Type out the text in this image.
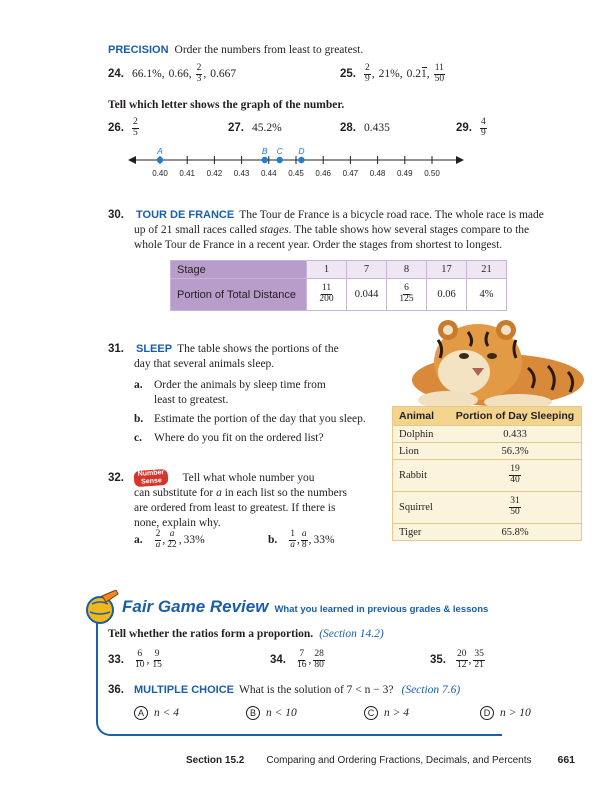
PRECISION Order the numbers from least to greatest.
24. 66.1%, 0.66, $\frac{2}{3}$ , 0.667	25. $\frac{2}{9}$ , 21%, 0.21, $\frac{11}{50}$
Tell which letter shows the graph of the number.
26. $\frac{2}{5}$	27. 45.2%	28. 0.435	29. $\frac{4}{9}$
0.40 0.41 0.42 0.43 0.44 0.45 0.46 0.47 0.48 0.49 0.50
A	B C D
30. TOUR DE FRANCE The Tour de France is a bicycle road race. The whole race is made
up of 21 small races called stages. The table shows how several stages compare to the
whole Tour de France in a recent year. Order the stages from shortest to longest.
Stage	1	7	8	17	21
Portion of Total Distance	$\frac{11}{200}$	0.044	$\frac{6}{125}$	0.06	4%
31. SLEEP The table shows the portions of the
day that several animals sleep.
a. Order the animals by sleep time from
least to greatest.
b. Estimate the portion of the day that you sleep.
c.	Where do you fit on the ordered list?
Animal	Portion of Day Sleeping
Dolphin	0.433
Lion	56.3%
Rabbit	$\frac{19}{40}$
Squirrel	$\frac{31}{50}$
Tiger	65.8%
32. Number
Sense Tell what whole number you
can substitute for a in each list so the numbers
are ordered from least to greatest. If there is
none, explain why.
a. $\frac{2}{a}$ , $\frac{a}{22}$ , 33%	b. $\frac{1}{a}$ , $\frac{a}{8}$ , 33%
Fair Game Review What you learned in previous grades & lessons
Tell whether the ratios form a proportion. (Section 14.2)
33. $\frac{6}{10}$ , $\frac{9}{15}$	34. $\frac{7}{16}$ , $\frac{28}{80}$	35. $\frac{20}{12}$ , $\frac{35}{21}$
36. MULTIPLE CHOICE What is the solution of 7 < n − 3? (Section 7.6)
A n < 4	B n < 10	C n > 4	D n > 10
Section 15.2 Comparing and Ordering Fractions, Decimals, and Percents 661
